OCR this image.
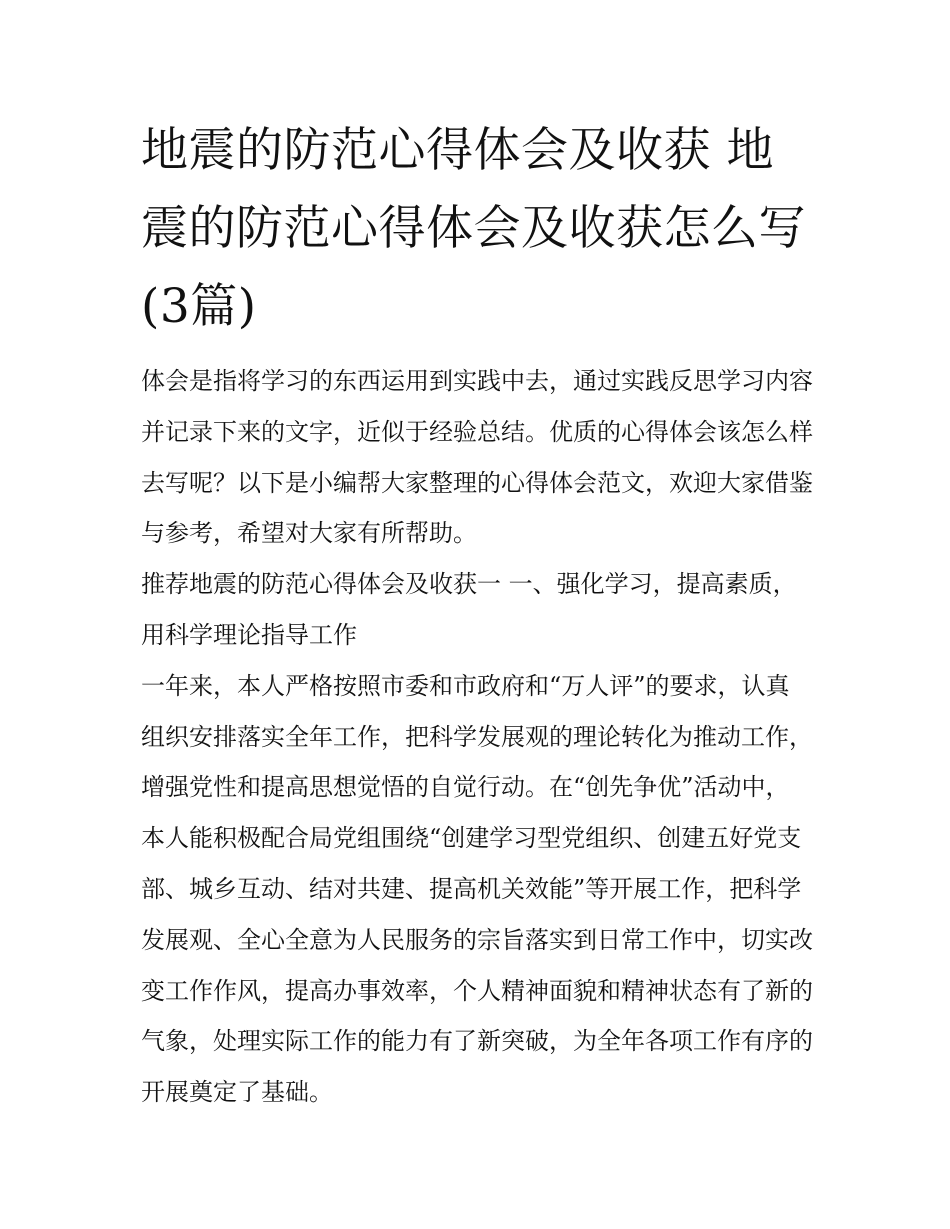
地震的防范心得体会及收获 地震的防范心得体会及收获怎么写(3篇)

体会是指将学习的东西运用到实践中去，通过实践反思学习内容并记录下来的文字，近似于经验总结。优质的心得体会该怎么样去写呢？以下是小编帮大家整理的心得体会范文，欢迎大家借鉴与参考，希望对大家有所帮助。

推荐地震的防范心得体会及收获一 一、强化学习，提高素质，用科学理论指导工作

一年来，本人严格按照市委和市政府和“万人评”的要求，认真组织安排落实全年工作，把科学发展观的理论转化为推动工作，增强党性和提高思想觉悟的自觉行动。在“创先争优”活动中，本人能积极配合局党组围绕“创建学习型党组织、创建五好党支部、城乡互动、结对共建、提高机关效能”等开展工作，把科学发展观、全心全意为人民服务的宗旨落实到日常工作中，切实改变工作作风，提高办事效率，个人精神面貌和精神状态有了新的气象，处理实际工作的能力有了新突破，为全年各项工作有序的开展奠定了基础。
